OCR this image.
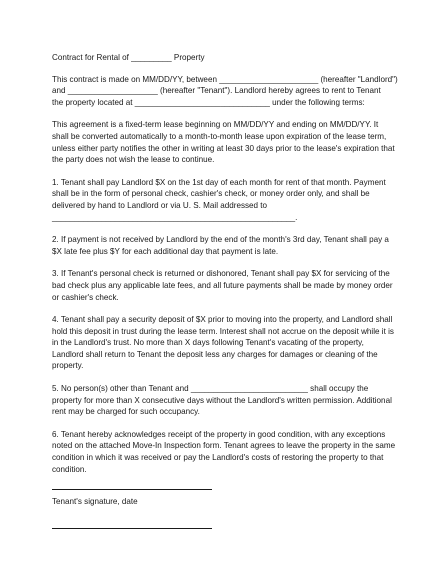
Contract for Rental of _________ Property
This contract is made on MM/DD/YY, between ______________________ (hereafter "Landlord")
and ____________________ (hereafter "Tenant"). Landlord hereby agrees to rent to Tenant
the property located at ______________________________ under the following terms:
This agreement is a fixed-term lease beginning on MM/DD/YY and ending on MM/DD/YY. It
shall be converted automatically to a month-to-month lease upon expiration of the lease term,
unless either party notifies the other in writing at least 30 days prior to the lease's expiration that
the party does not wish the lease to continue.
1. Tenant shall pay Landlord $X on the 1st day of each month for rent of that month. Payment
shall be in the form of personal check, cashier's check, or money order only, and shall be
delivered by hand to Landlord or via U. S. Mail addressed to
______________________________________________________.
2. If payment is not received by Landlord by the end of the month's 3rd day, Tenant shall pay a
$X late fee plus $Y for each additional day that payment is late.
3. If Tenant's personal check is returned or dishonored, Tenant shall pay $X for servicing of the
bad check plus any applicable late fees, and all future payments shall be made by money order
or cashier's check.
4. Tenant shall pay a security deposit of $X prior to moving into the property, and Landlord shall
hold this deposit in trust during the lease term. Interest shall not accrue on the deposit while it is
in the Landlord's trust. No more than X days following Tenant's vacating of the property,
Landlord shall return to Tenant the deposit less any charges for damages or cleaning of the
property.
5. No person(s) other than Tenant and __________________________ shall occupy the
property for more than X consecutive days without the Landlord's written permission. Additional
rent may be charged for such occupancy.
6. Tenant hereby acknowledges receipt of the property in good condition, with any exceptions
noted on the attached Move-In Inspection form. Tenant agrees to leave the property in the same
condition in which it was received or pay the Landlord's costs of restoring the property to that
condition.
Tenant's signature, date
